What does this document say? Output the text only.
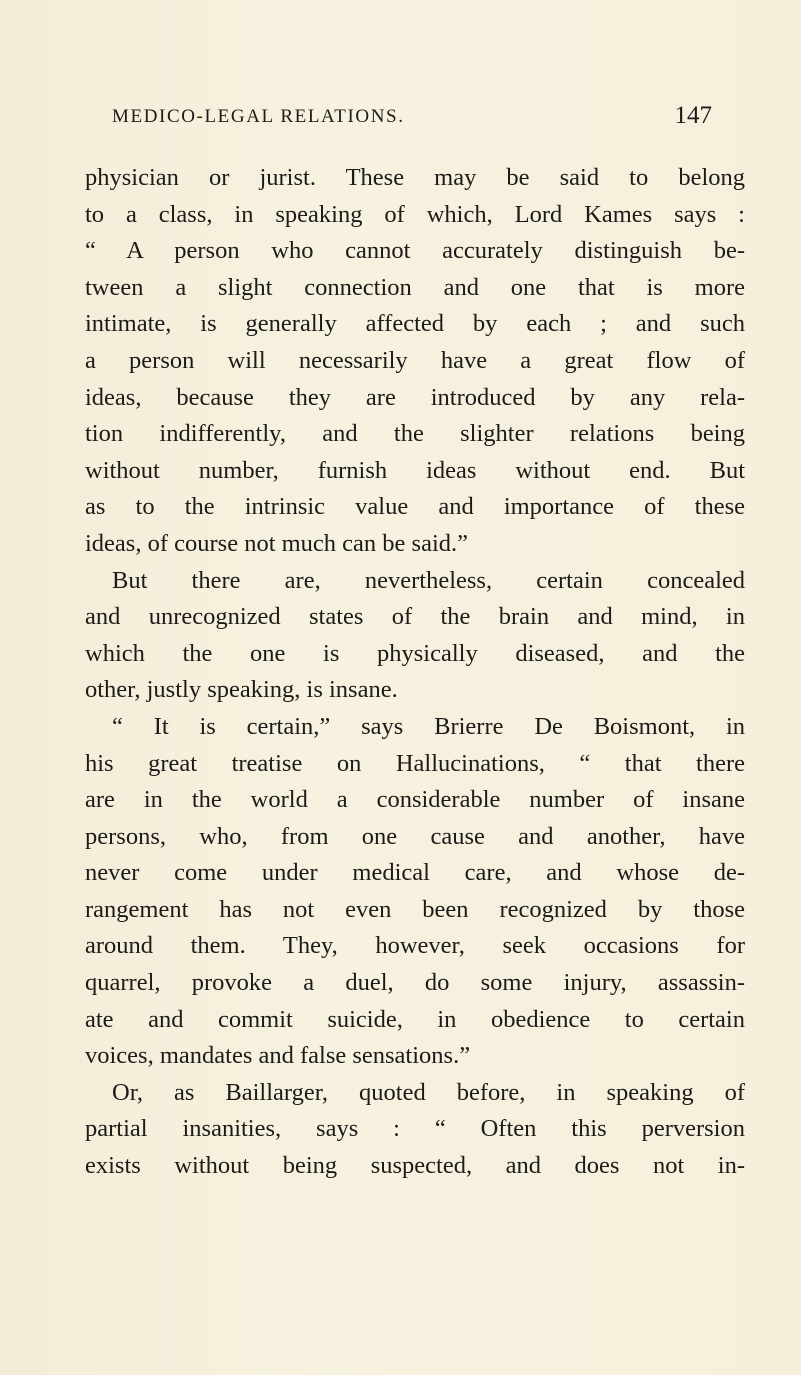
MEDICO-LEGAL RELATIONS.	147
physician or jurist. These may be said to belong
to a class, in speaking of which, Lord Kames says :
“ A person who cannot accurately distinguish be-
tween a slight connection and one that is more
intimate, is generally affected by each ; and such
a person will necessarily have a great flow of
ideas, because they are introduced by any rela-
tion indifferently, and the slighter relations being
without number, furnish ideas without end. But
as to the intrinsic value and importance of these
ideas, of course not much can be said.”
But there are, nevertheless, certain concealed
and unrecognized states of the brain and mind, in
which the one is physically diseased, and the
other, justly speaking, is insane.
“ It is certain,” says Brierre De Boismont, in
his great treatise on Hallucinations, “ that there
are in the world a considerable number of insane
persons, who, from one cause and another, have
never come under medical care, and whose de-
rangement has not even been recognized by those
around them. They, however, seek occasions for
quarrel, provoke a duel, do some injury, assassin-
ate and commit suicide, in obedience to certain
voices, mandates and false sensations.”
Or, as Baillarger, quoted before, in speaking of
partial insanities, says : “ Often this perversion
exists without being suspected, and does not in-
